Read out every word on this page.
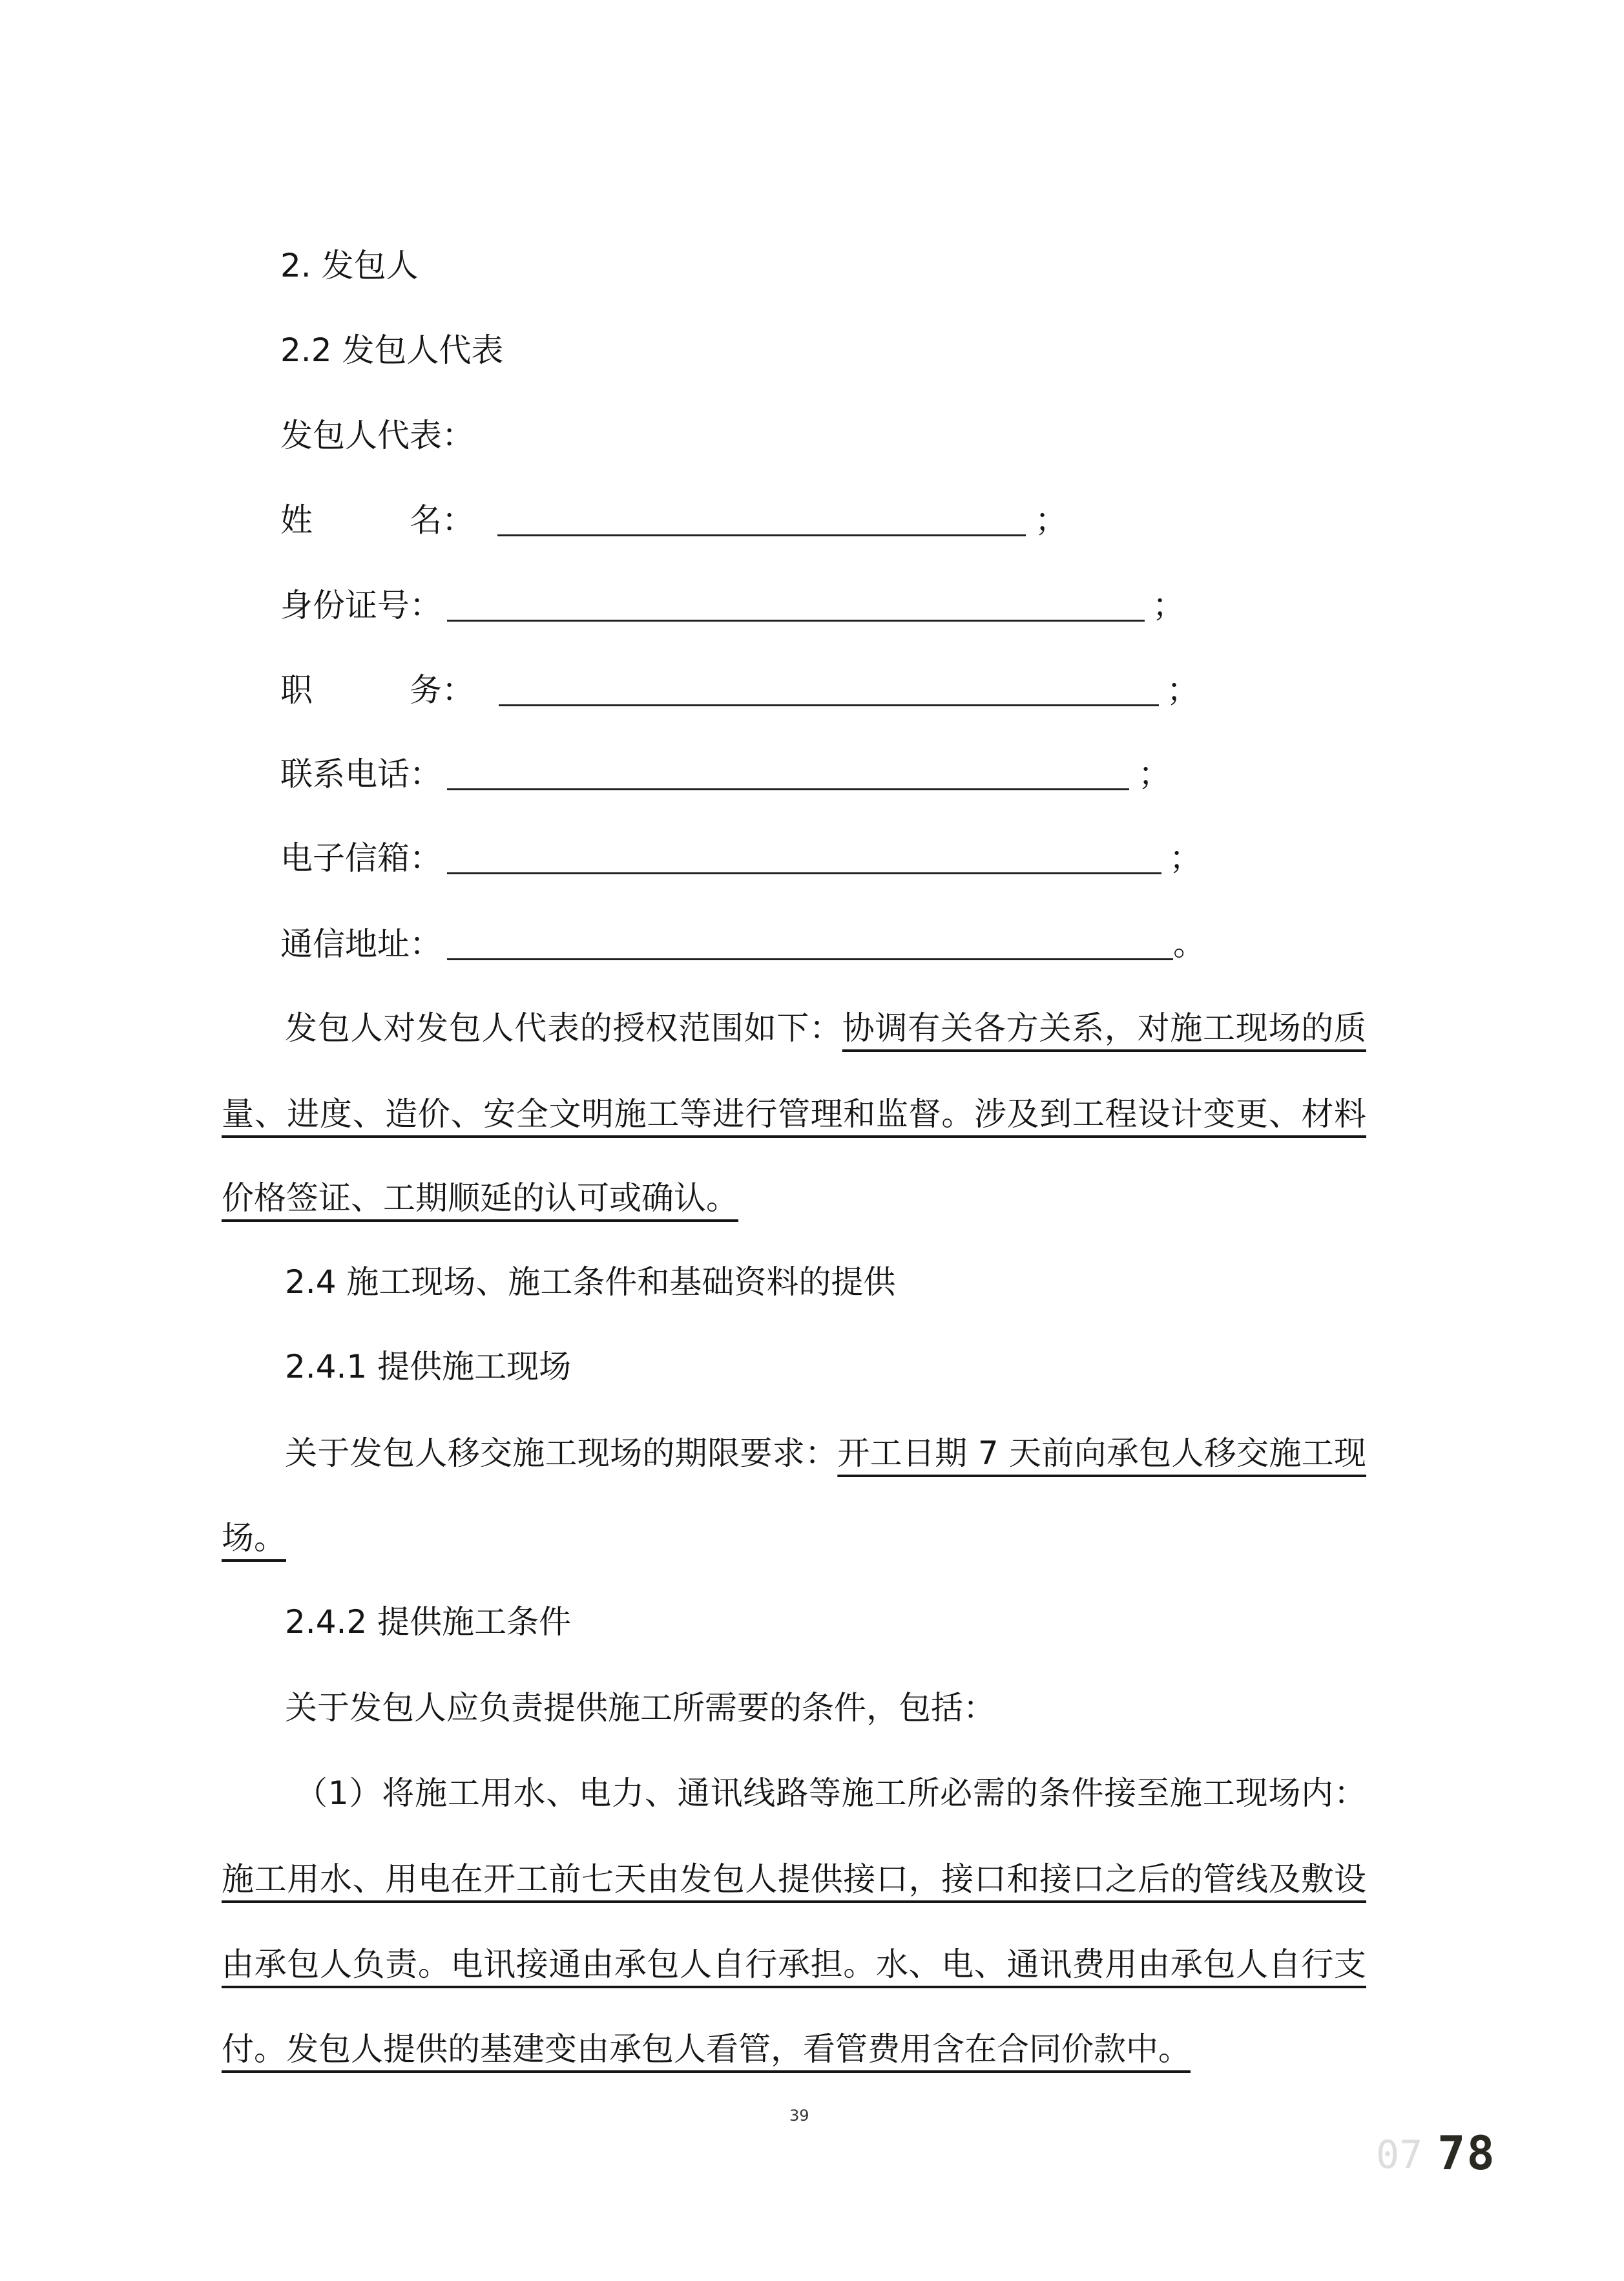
2. 发包人
2.2 发包人代表
发包人代表：
姓　　　名：	；
身份证号：	；
职　　　务：	；
联系电话：	；
电子信箱：	；
通信地址：	。
发包人对发包人代表的授权范围如下：协调有关各方关系，对施工现场的质
量、进度、造价、安全文明施工等进行管理和监督。涉及到工程设计变更、材料
价格签证、工期顺延的认可或确认。
2.4 施工现场、施工条件和基础资料的提供
2.4.1 提供施工现场
关于发包人移交施工现场的期限要求：开工日期 7 天前向承包人移交施工现
场。
2.4.2 提供施工条件
关于发包人应负责提供施工所需要的条件，包括：
（1）将施工用水、电力、通讯线路等施工所必需的条件接至施工现场内：
施工用水、用电在开工前七天由发包人提供接口，接口和接口之后的管线及敷设
由承包人负责。电讯接通由承包人自行承担。水、电、通讯费用由承包人自行支
付。发包人提供的基建变由承包人看管，看管费用含在合同价款中。
39
07 78
